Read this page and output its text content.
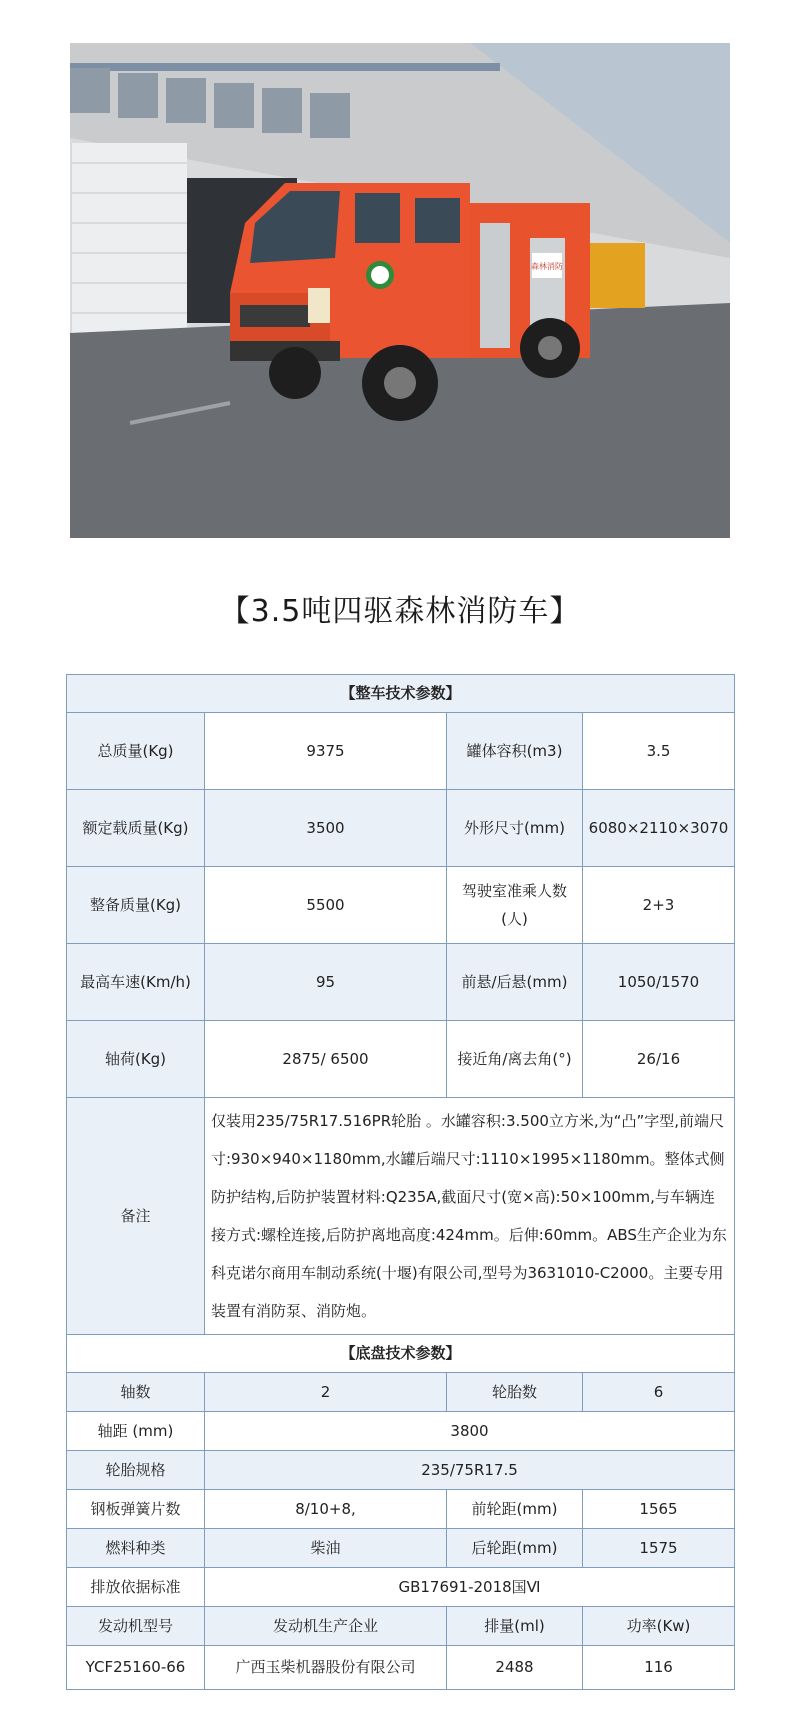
森林消防
【3.5吨四驱森林消防车】
【整车技术参数】			
总质量(Kg)	9375	罐体容积(m3)	3.5
额定载质量(Kg)	3500	外形尺寸(mm)	6080×2110×3070
整备质量(Kg)	5500	驾驶室准乘人数(人)	2+3
最高车速(Km/h)	95	前悬/后悬(mm)	1050/1570
轴荷(Kg)	2875/ 6500	接近角/离去角(°)	26/16
备注	仅装用235/75R17.516PR轮胎 。水罐容积:3.500立方米,为“凸”字型,前端尺寸:930×940×1180mm,水罐后端尺寸:1110×1995×1180mm。整体式侧防护结构,后防护装置材料:Q235A,截面尺寸(宽×高):50×100mm,与车辆连接方式:螺栓连接,后防护离地高度:424mm。后伸:60mm。ABS生产企业为东科克诺尔商用车制动系统(十堰)有限公司,型号为3631010-C2000。主要专用装置有消防泵、消防炮。		
【底盘技术参数】			
轴数	2	轮胎数	6
轴距 (mm)	3800		
轮胎规格	235/75R17.5		
钢板弹簧片数	8/10+8,	前轮距(mm)	1565
燃料种类	柴油	后轮距(mm)	1575
排放依据标准	GB17691-2018国Ⅵ		
发动机型号	发动机生产企业	排量(ml)	功率(Kw)
YCF25160-66	广西玉柴机器股份有限公司	2488	116
